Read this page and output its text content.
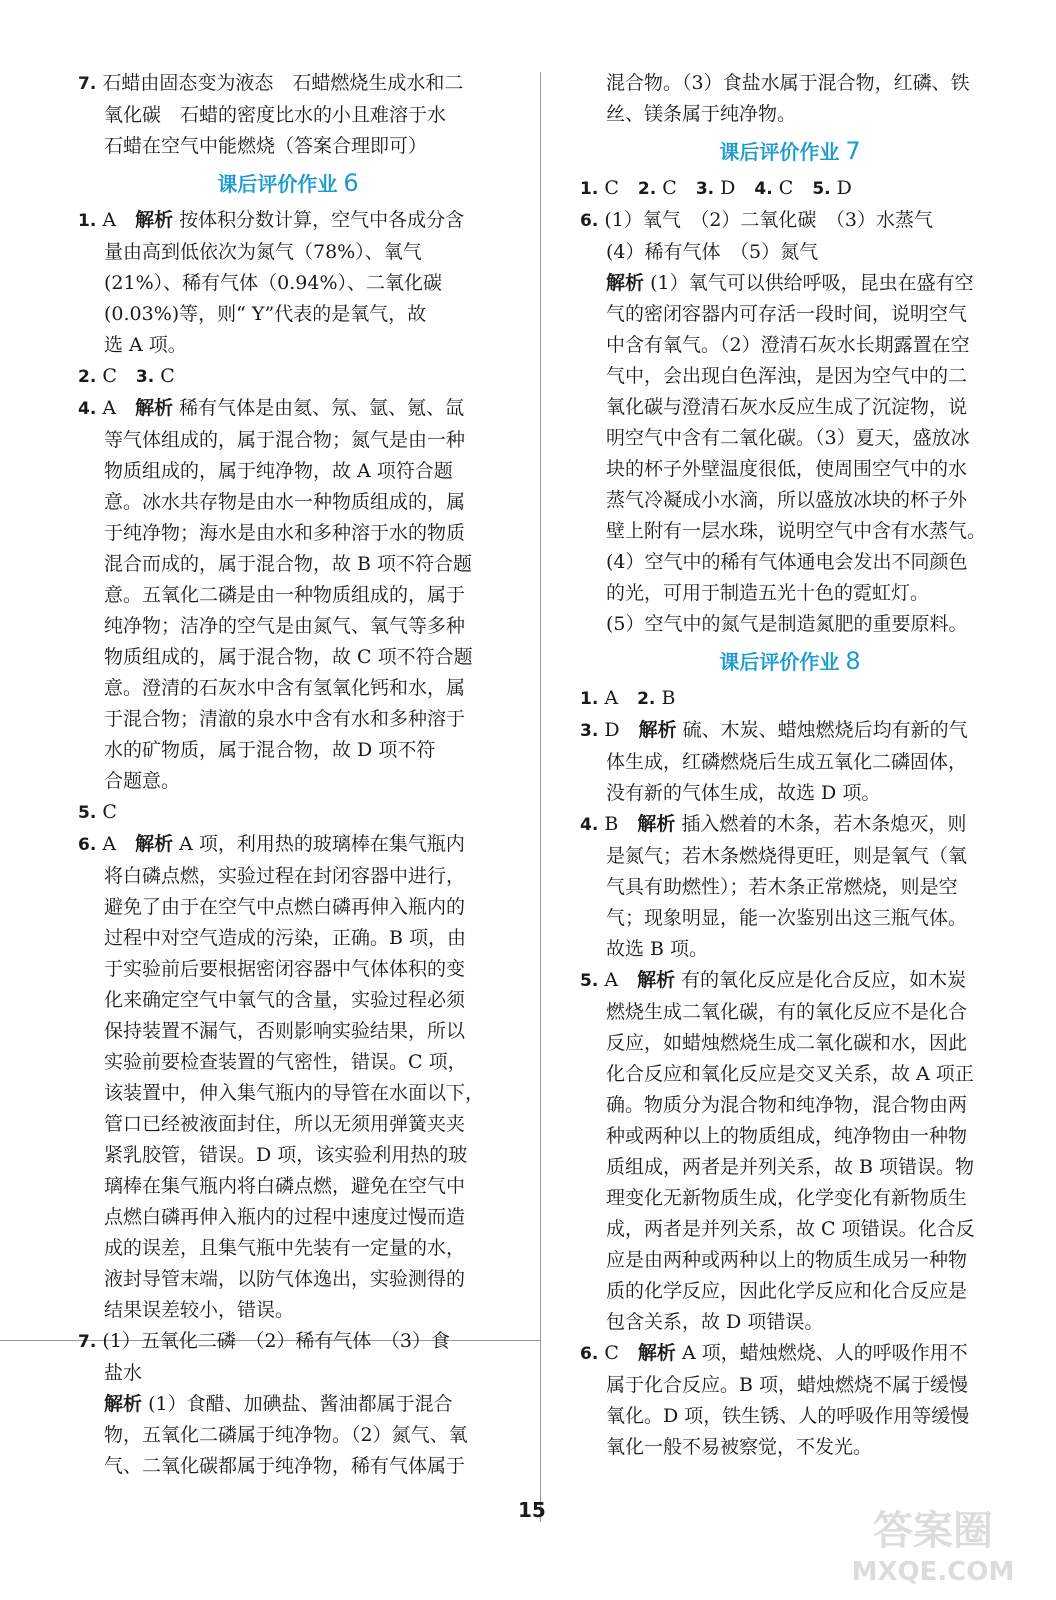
7. 石蜡由固态变为液态　石蜡燃烧生成水和二
氧化碳　石蜡的密度比水的小且难溶于水
石蜡在空气中能燃烧（答案合理即可）
课后评价作业 6
1. A　 解析 按体积分数计算，空气中各成分含
量由高到低依次为氮气（78%）、氧气
(21%）、稀有气体（0.94%）、二氧化碳
(0.03%)等，则“ Y”代表的是氧气，故
选 A 项。
2. C　 3. C
4. A　 解析 稀有气体是由氦、氖、氩、氪、氙
等气体组成的，属于混合物；氮气是由一种
物质组成的，属于纯净物，故 A 项符合题
意。冰水共存物是由水一种物质组成的，属
于纯净物；海水是由水和多种溶于水的物质
混合而成的，属于混合物，故 B 项不符合题
意。五氧化二磷是由一种物质组成的，属于
纯净物；洁净的空气是由氮气、氧气等多种
物质组成的，属于混合物，故 C 项不符合题
意。澄清的石灰水中含有氢氧化钙和水，属
于混合物；清澈的泉水中含有水和多种溶于
水的矿物质，属于混合物，故 D 项不符
合题意。
5. C
6. A　 解析 A 项，利用热的玻璃棒在集气瓶内
将白磷点燃，实验过程在封闭容器中进行，
避免了由于在空气中点燃白磷再伸入瓶内的
过程中对空气造成的污染，正确。B 项，由
于实验前后要根据密闭容器中气体体积的变
化来确定空气中氧气的含量，实验过程必须
保持装置不漏气，否则影响实验结果，所以
实验前要检查装置的气密性，错误。C 项，
该装置中，伸入集气瓶内的导管在水面以下，
管口已经被液面封住，所以无须用弹簧夹夹
紧乳胶管，错误。D 项，该实验利用热的玻
璃棒在集气瓶内将白磷点燃，避免在空气中
点燃白磷再伸入瓶内的过程中速度过慢而造
成的误差，且集气瓶中先装有一定量的水，
液封导管末端，以防气体逸出，实验测得的
结果误差较小，错误。
7. (1）五氧化二磷　（2）稀有气体　（3）食
盐水
解析 (1）食醋、加碘盐、酱油都属于混合
物，五氧化二磷属于纯净物。（2）氮气、氧
气、二氧化碳都属于纯净物，稀有气体属于
混合物。（3）食盐水属于混合物，红磷、铁
丝、镁条属于纯净物。
课后评价作业 7
1. C　 2. C　 3. D　 4. C　 5. D
6. (1）氧气　（2）二氧化碳　（3）水蒸气
(4）稀有气体　（5）氮气
解析 (1）氧气可以供给呼吸，昆虫在盛有空
气的密闭容器内可存活一段时间，说明空气
中含有氧气。（2）澄清石灰水长期露置在空
气中，会出现白色浑浊，是因为空气中的二
氧化碳与澄清石灰水反应生成了沉淀物，说
明空气中含有二氧化碳。（3）夏天，盛放冰
块的杯子外壁温度很低，使周围空气中的水
蒸气冷凝成小水滴，所以盛放冰块的杯子外
壁上附有一层水珠，说明空气中含有水蒸气。
(4）空气中的稀有气体通电会发出不同颜色
的光，可用于制造五光十色的霓虹灯。
(5）空气中的氮气是制造氮肥的重要原料。
课后评价作业 8
1. A　 2. B
3. D　 解析 硫、木炭、蜡烛燃烧后均有新的气
体生成，红磷燃烧后生成五氧化二磷固体，
没有新的气体生成，故选 D 项。
4. B　 解析 插入燃着的木条，若木条熄灭，则
是氮气；若木条燃烧得更旺，则是氧气（氧
气具有助燃性）；若木条正常燃烧，则是空
气；现象明显，能一次鉴别出这三瓶气体。
故选 B 项。
5. A　 解析 有的氧化反应是化合反应，如木炭
燃烧生成二氧化碳，有的氧化反应不是化合
反应，如蜡烛燃烧生成二氧化碳和水，因此
化合反应和氧化反应是交叉关系，故 A 项正
确。物质分为混合物和纯净物，混合物由两
种或两种以上的物质组成，纯净物由一种物
质组成，两者是并列关系，故 B 项错误。物
理变化无新物质生成，化学变化有新物质生
成，两者是并列关系，故 C 项错误。化合反
应是由两种或两种以上的物质生成另一种物
质的化学反应，因此化学反应和化合反应是
包含关系，故 D 项错误。
6. C　 解析 A 项，蜡烛燃烧、人的呼吸作用不
属于化合反应。B 项，蜡烛燃烧不属于缓慢
氧化。D 项，铁生锈、人的呼吸作用等缓慢
氧化一般不易被察觉，不发光。
15	答案圈
MXQE.COM
